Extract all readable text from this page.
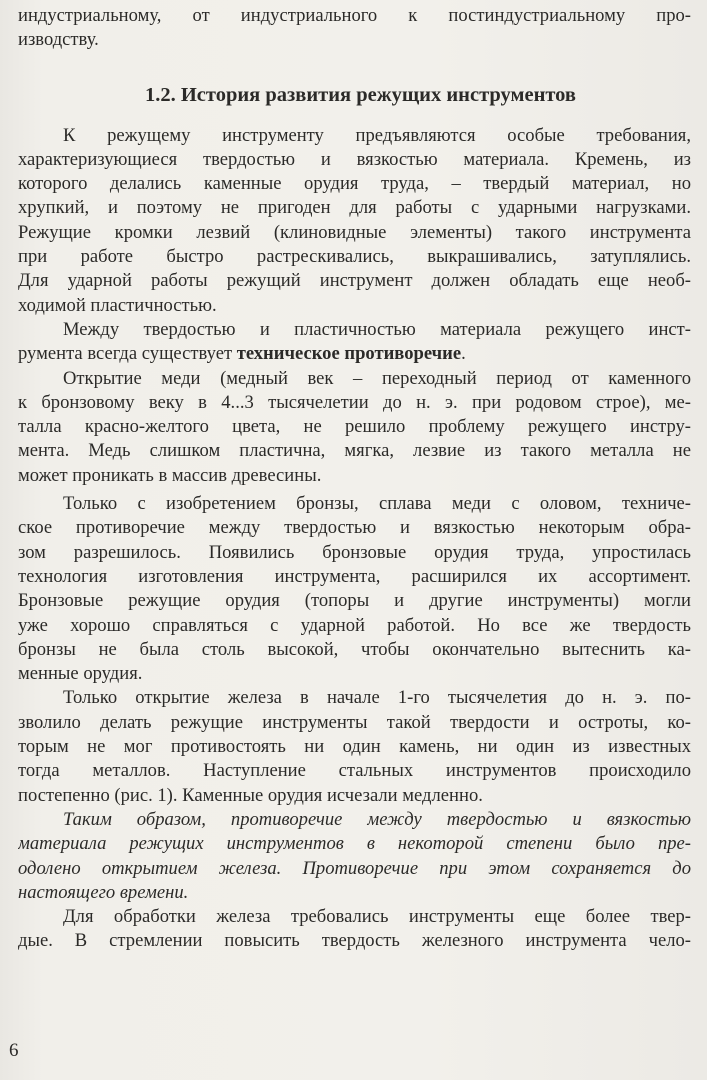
индустриальному, от индустриального к постиндустриальному про-
изводству.
1.2. История развития режущих инструментов
К режущему инструменту предъявляются особые требования,
характеризующиеся твердостью и вязкостью материала. Кремень, из
которого делались каменные орудия труда, – твердый материал, но
хрупкий, и поэтому не пригоден для работы с ударными нагрузками.
Режущие кромки лезвий (клиновидные элементы) такого инструмента
при работе быстро растрескивались, выкрашивались, затуплялись.
Для ударной работы режущий инструмент должен обладать еще необ-
ходимой пластичностью.
Между твердостью и пластичностью материала режущего инст-
румента всегда существует техническое противоречие.
Открытие меди (медный век – переходный период от каменного
к бронзовому веку в 4...3 тысячелетии до н. э. при родовом строе), ме-
талла красно-желтого цвета, не решило проблему режущего инстру-
мента. Медь слишком пластична, мягка, лезвие из такого металла не
может проникать в массив древесины.
Только с изобретением бронзы, сплава меди с оловом, техниче-
ское противоречие между твердостью и вязкостью некоторым обра-
зом разрешилось. Появились бронзовые орудия труда, упростилась
технология изготовления инструмента, расширился их ассортимент.
Бронзовые режущие орудия (топоры и другие инструменты) могли
уже хорошо справляться с ударной работой. Но все же твердость
бронзы не была столь высокой, чтобы окончательно вытеснить ка-
менные орудия.
Только открытие железа в начале 1-го тысячелетия до н. э. по-
зволило делать режущие инструменты такой твердости и остроты, ко-
торым не мог противостоять ни один камень, ни один из известных
тогда металлов. Наступление стальных инструментов происходило
постепенно (рис. 1). Каменные орудия исчезали медленно.
Таким образом, противоречие между твердостью и вязкостью
материала режущих инструментов в некоторой степени было пре-
одолено открытием железа. Противоречие при этом сохраняется до
настоящего времени.
Для обработки железа требовались инструменты еще более твер-
дые. В стремлении повысить твердость железного инструмента чело-
6
